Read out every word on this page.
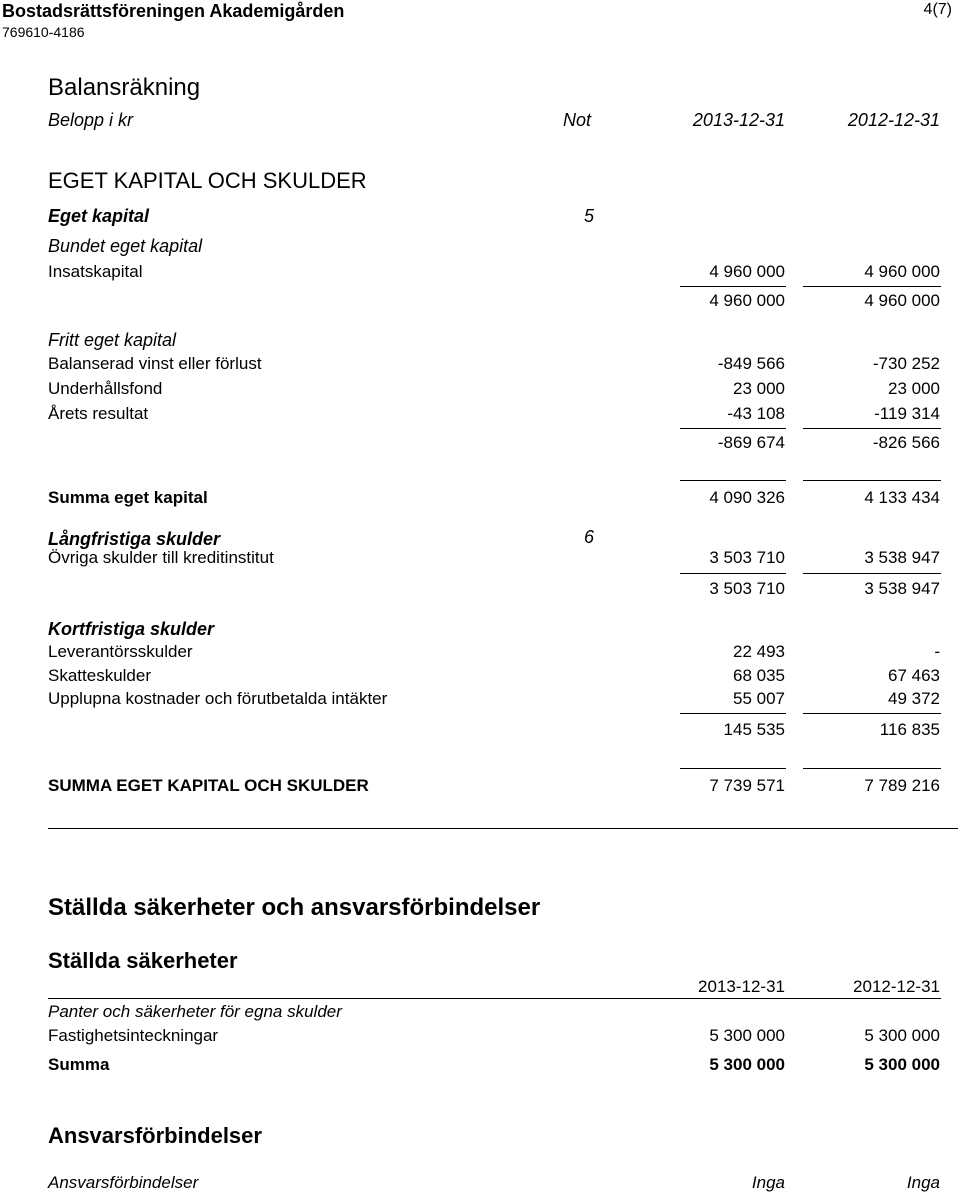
Bostadsrättsföreningen Akademigården
769610-4186
4(7)
Balansräkning
Belopp i kr	Not	2013-12-31	2012-12-31
EGET KAPITAL OCH SKULDER
Eget kapital	5
Bundet eget kapital
Insatskapital	4 960 000	4 960 000
4 960 000	4 960 000
Fritt eget kapital
Balanserad vinst eller förlust	-849 566	-730 252
Underhållsfond	23 000	23 000
Årets resultat	-43 108	-119 314
-869 674	-826 566
Summa eget kapital	4 090 326	4 133 434
Långfristiga skulder	6
Övriga skulder till kreditinstitut	3 503 710	3 538 947
3 503 710	3 538 947
Kortfristiga skulder
Leverantörsskulder	22 493	-
Skatteskulder	68 035	67 463
Upplupna kostnader och förutbetalda intäkter	55 007	49 372
145 535	116 835
SUMMA EGET KAPITAL OCH SKULDER	7 739 571	7 789 216
Ställda säkerheter och ansvarsförbindelser
Ställda säkerheter
2013-12-31	2012-12-31
Panter och säkerheter för egna skulder
Fastighetsinteckningar	5 300 000	5 300 000
Summa	5 300 000	5 300 000
Ansvarsförbindelser
Ansvarsförbindelser	Inga	Inga
